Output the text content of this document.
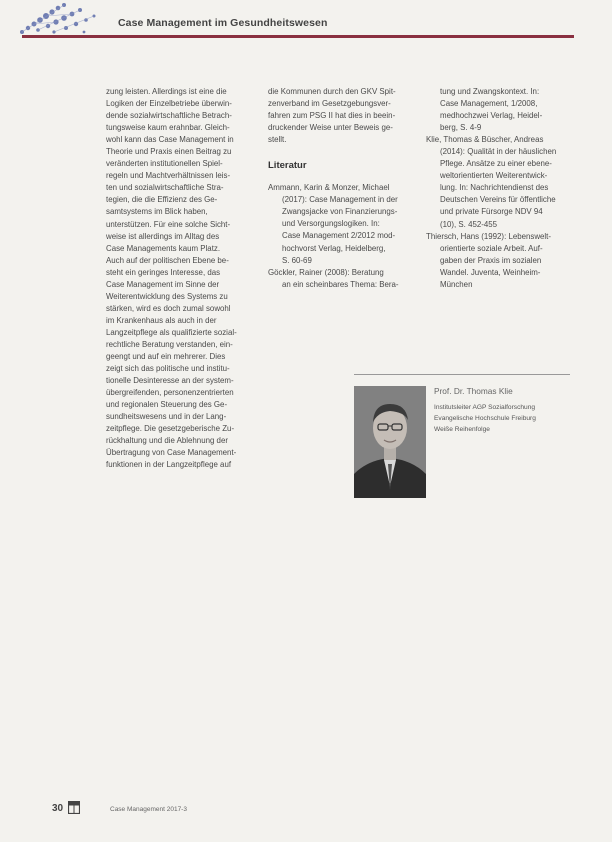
Case Management im Gesundheitswesen
zung leisten. Allerdings ist eine die
Logiken der Einzelbetriebe überwin-
dende sozialwirtschaftliche Betrach-
tungsweise kaum erahnbar. Gleich-
wohl kann das Case Management in
Theorie und Praxis einen Beitrag zu
veränderten institutionellen Spiel-
regeln und Machtverhältnissen leis-
ten und sozialwirtschaftliche Stra-
tegien, die die Effizienz des Ge-
samtsystems im Blick haben,
unterstützen. Für eine solche Sicht-
weise ist allerdings im Alltag des
Case Managements kaum Platz.
Auch auf der politischen Ebene be-
steht ein geringes Interesse, das
Case Management im Sinne der
Weiterentwicklung des Systems zu
stärken, wird es doch zumal sowohl
im Krankenhaus als auch in der
Langzeitpflege als qualifizierte sozial-
rechtliche Beratung verstanden, ein-
geengt und auf ein mehrerer. Dies
zeigt sich das politische und institu-
tionelle Desinteresse an der system-
übergreifenden, personenzentrierten
und regionalen Steuerung des Ge-
sundheitswesens und in der Lang-
zeitpflege. Die gesetzgeberische Zu-
rückhaltung und die Ablehnung der
Übertragung von Case Management-
funktionen in der Langzeitpflege auf
die Kommunen durch den GKV Spit-
zenverband im Gesetzgebungsver-
fahren zum PSG II hat dies in beein-
druckender Weise unter Beweis ge-
stellt.
Literatur
Ammann, Karin & Monzer, Michael
(2017): Case Management in der
Zwangsjacke von Finanzierungs-
und Versorgungslogiken. In:
Case Management 2/2012 mod-
hochvorst Verlag, Heidelberg,
S. 60-69
Göckler, Rainer (2008): Beratung
an ein scheinbares Thema: Bera-
tung und Zwangskontext. In:
Case Management, 1/2008,
medhochzwei Verlag, Heidel-
berg, S. 4-9
Klie, Thomas & Büscher, Andreas
(2014): Qualität in der häuslichen
Pflege. Ansätze zu einer ebene-
weltorientierten Weiterentwick-
lung. In: Nachrichtendienst des
Deutschen Vereins für öffentliche
und private Fürsorge NDV 94
(10), S. 452-455
Thiersch, Hans (1992): Lebenswelt-
orientierte soziale Arbeit. Auf-
gaben der Praxis im sozialen
Wandel. Juventa, Weinheim-
München
Prof. Dr. Thomas Klie
Institutsleiter AGP Sozialforschung
Evangelische Hochschule Freiburg
Weiße Reihenfolge
30	Case Management 2017-3
